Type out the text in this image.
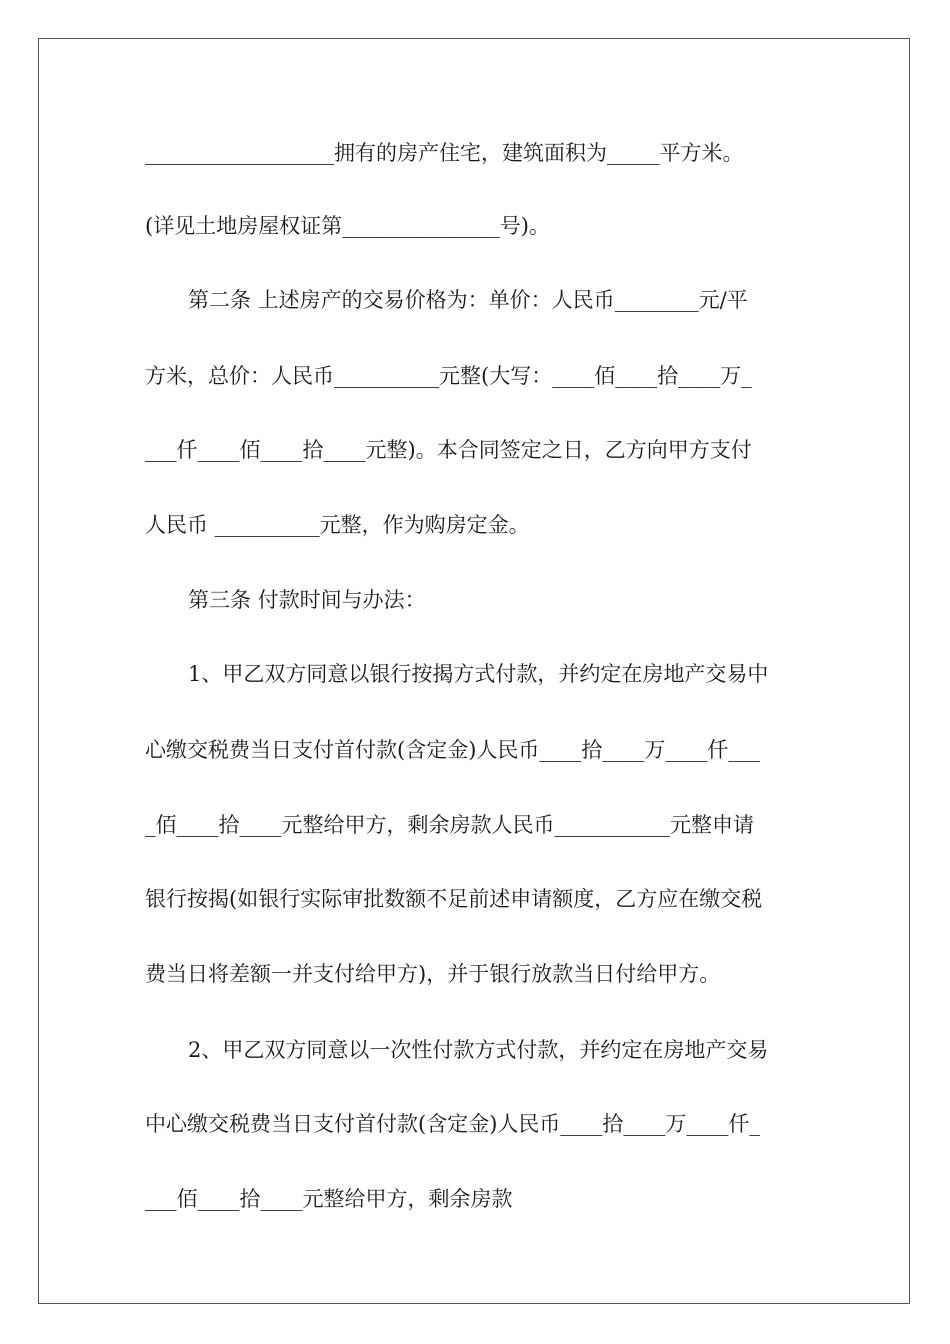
__________________拥有的房产住宅，建筑面积为_____平方米。
(详见土地房屋权证第_______________号)。
第二条 上述房产的交易价格为：单价：人民币________元/平
方米，总价：人民币__________元整(大写：____佰____拾____万_
___仟____佰____拾____元整)。本合同签定之日，乙方向甲方支付
人民币 __________元整，作为购房定金。
第三条 付款时间与办法：
1、甲乙双方同意以银行按揭方式付款，并约定在房地产交易中
心缴交税费当日支付首付款(含定金)人民币____拾____万____仟___
_佰____拾____元整给甲方，剩余房款人民币___________元整申请
银行按揭(如银行实际审批数额不足前述申请额度，乙方应在缴交税
费当日将差额一并支付给甲方)，并于银行放款当日付给甲方。
2、甲乙双方同意以一次性付款方式付款，并约定在房地产交易
中心缴交税费当日支付首付款(含定金)人民币____拾____万____仟_
___佰____拾____元整给甲方，剩余房款
